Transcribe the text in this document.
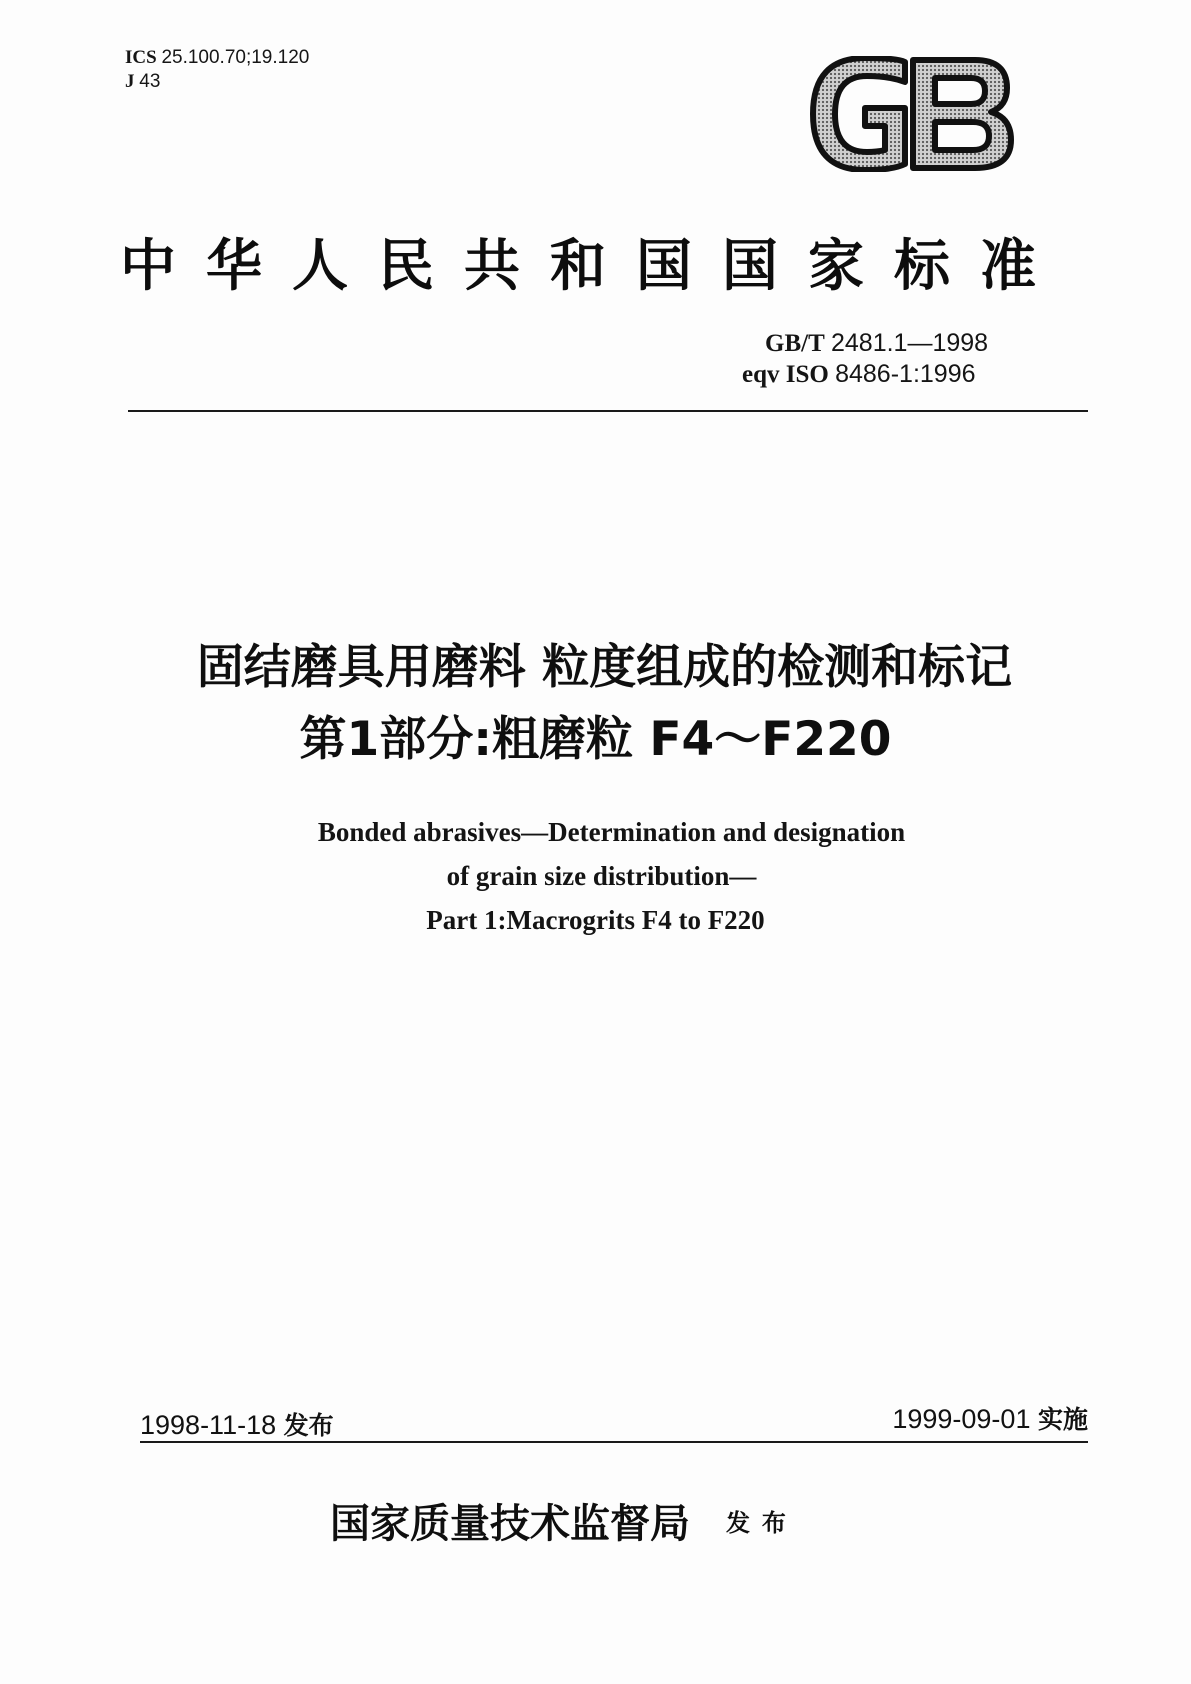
ICS 25.100.70;19.120
J 43
中华人民共和国国家标准
GB/T 2481.1—1998
eqv ISO 8486-1:1996
固结磨具用磨料 粒度组成的检测和标记
第1部分:粗磨粒 F4～F220
Bonded abrasives—Determination and designation
of grain size distribution—
Part 1:Macrogrits F4 to F220
1998-11-18 发布	1999-09-01 实施
国家质量技术监督局 发布
